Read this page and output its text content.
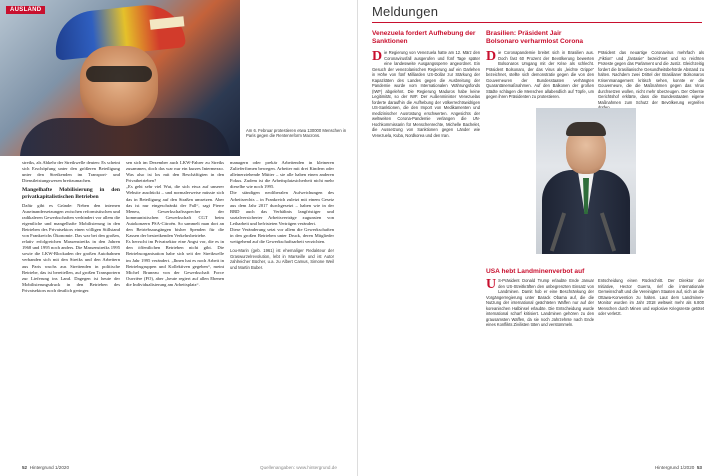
AUSLAND
Am 6. Februar protestieren etwa 130000 Menschen in Paris gegen die Rentenreform Macrons.

streiks, als Abkehr der Streikwelle deuten: Es scheint sich Erschöpfung unter den größeren Beteiligung unter den Streikenden im Transport- und Dienstleistungswesen breitzumachen.

Mangelhafte Mobilisierung in den privatkapitalistischen Betrieben

Dafür gibt es Gründe: Neben den internen Auseinandersetzungen zwischen reformistischen und radikaleren Gewerkschaften verhindert vor allem die eigentliche und mangelhafte Mobilisierung in den Betrieben des Privatsektors einen völligen Stillstand von Frankreichs Ökonomie. Das war bei den großen, relativ erfolgreichen Massenstreiks in den Jahren 1968 und 1995 noch anders. Die Massenstreiks 1995 sowie die LKW-Blockaden der großen Autobahnen verbanden sich mit den Streiks und den Arbeitern aus Paris wuchs aus Streitenden in politische Betriebe, das ist bereitellen, auf großen Transportern zur Lieferung ins Land. Dagegen ist heute der Mobilisierungsdruck in den Betrieben des Privatsektors noch deutlich geringer.

sen sich im Dezember auch LKW-Fahrer zu Streiks zusammen, doch das war nur ein kurzes Intermezzo. Was also ist los mit den Beschäftigten in den Privatbetrieben?

„Es geht sehr viel Wut, die sich etwa auf unserer Website ausdrückt – und normalerweise müsste sich das in Beteiligung auf den Straßen umsetzen. Aber das ist nur eingeschränkt der Fall“, sagt Pierre Meneu, Gewerkschaftssprecher der kommunistischen Gewerkschaft CGT beim Autokonzern PSA-Citroën. So sammelt man dort an den Betriebsausgängen bisher Spenden für die Kassen der bestreikenden Verkehrsbetriebe.

Es herrscht im Privatsektor eine Angst vor, die es in den öffentlichen Betrieben nicht gibt. Die Betriebsorganisation habe sich seit der Streikwelle im Jahr 1995 verändert. „Ihnen hat es noch Arbeit in Betriebsgruppen und Kollektiven gegeben“, meint Michel Bruneau von der Gewerkschaft Force Ouvrière (FO), aber „heute regiert auf allen Ebenen die Individualisierung am Arbeitsplatz“.

managern oder prekär Arbeitenden in kleineren Zulieferfirmen bewegen. Arbeiter mit drei Kindern oder alleinerziehende Mütter – sie alle haben einen anderen Fokus. Zudem ist die Arbeitsplatzsicherheit nicht mehr dieselbe wie noch 1995.

Die ständigen neoliberalen Aufweichungen des Arbeitsrechts – in Frankreich zuletzt mit einem Gesetz aus dem Jahr 2017 durchgesetzt – haben wie in der BRD auch das Verhältnis langfristiger und sozialversicherter Arbeitsverträge zugunsten von Leiharbeit und befristeten Verträgen verändert.

Diese Veränderung setzt vor allem die Gewerkschaften in den großen Betrieben unter Druck, deren Mitglieder weitgehend auf die Gewerkschaftsarbeit verzichten.

Lou-Marin (geb. 1961) ist ehemaliger Redakteur der Graswurzelrevolution, lebt in Marseille und ist Autor zahlreicher Bücher, u.a. zu Albert Camus, Simone Weil und Martin Buber.

52 Hintergrund 1/2020	Quellenangaben: www.hintergrund.de
Meldungen
Venezuela fordert Aufhebung der Sanktionen
Die Regierung von Venezuela hatte am 12. März den Coronavirusfall ausgerufen und fünf Tage später eine landesweite Ausgangssperre angeordnet. Ein Gesuch der venezolanischen Regierung auf ein Darlehen in Höhe von fünf Milliarden US-Dollar zur Stärkung der Kapazitäten des Landes gegen die Ausbreitung der Pandemie wurde vom Internationalen Währungsfonds (IWF) abgelehnt. Die Regierung Maduros habe keine Legitimität, so der IWF. Der Außenminister Venezuelas forderte daraufhin die Aufhebung der völkerrechtswidrigen US-Sanktionen, die den Import von Medikamenten und medizinischer Ausrüstung erschwerten. Angesichts der weltweiten Corona-Pandemie verlangen die UN-Hochkommissarin für Menschenrechte, Michelle Bachelet, die Aussetzung von Sanktionen gegen Länder wie Venezuela, Kuba, Nordkorea und den Iran.
Brasilien: Präsident Jair Bolsonaro verharmlost Corona
Die Coronapandemie breitet sich in Brasilien aus. Doch fast 60 Prozent der Bevölkerung bewerten Bolsonaros Umgang mit der Krise als schlecht. Präsident Bolsonaro, der das Virus als „leichte Grippe“ bezeichnet, stellte sich demonstrativ gegen die von den Gouverneuren der Bundesstaaten verhängten Quarantänemaßnahmen. Auf den Balkonen der großen Städte schlagen die Menschen allabendlich auf Töpfe, um gegen ihren Präsidenten zu protestieren.
Präsident das neuartige Coronavirus mehrfach als „Fiktion“ und „fantasie“ bezeichnet und so reichten Proteste gegen das Parlament und die Justiz. Gleichzeitig fordert die brasilianische Gesundheitsbehörde Abstand zu halten. Nachdem zwei Drittel der Brasilianer Bolsonaros Krisenmanagement kritisch sehen, konnte er die Gouverneure, die die Maßnahmen gegen das Virus durchsetzen wollen, nicht mehr überzeugen. Der Oberste Gerichtshof erklärte, dass die Bundesstaaten eigene Maßnahmen zum Schutz der Bevölkerung ergreifen
USA hebt Landminenverbot auf
U S-Präsident Donald Trump erlaubte Ende Januar den US-Streitkräften den unbegrenzten Einsatz von Landminen. Damit hob er eine Beschränkung der Vorgängerregierung unter Barack Obama auf, die die Nutzung der international geächteten Waffen nur auf der koreanischen Halbinsel erlaubte. Die Entscheidung wurde international scharf kritisiert. Landminen gehören zu den grausamsten Waffen, da sie noch Jahrzehnte nach Ende eines Konflikts Zivilisten töten und verstümmeln.
Entscheidung einen Rückschritt. Der Direktor der Initiative, Hector Guerra, rief die internationale Gemeinschaft und die Vereinigten Staaten auf, sich an die Ottawa-Konvention zu halten. Laut dem Landminen-Monitor wurden im Jahr 2018 weltweit mehr als 6.800 Menschen durch Minen und explosive Kriegsreste getötet oder verletzt.
Hintergrund 1/2020 53
